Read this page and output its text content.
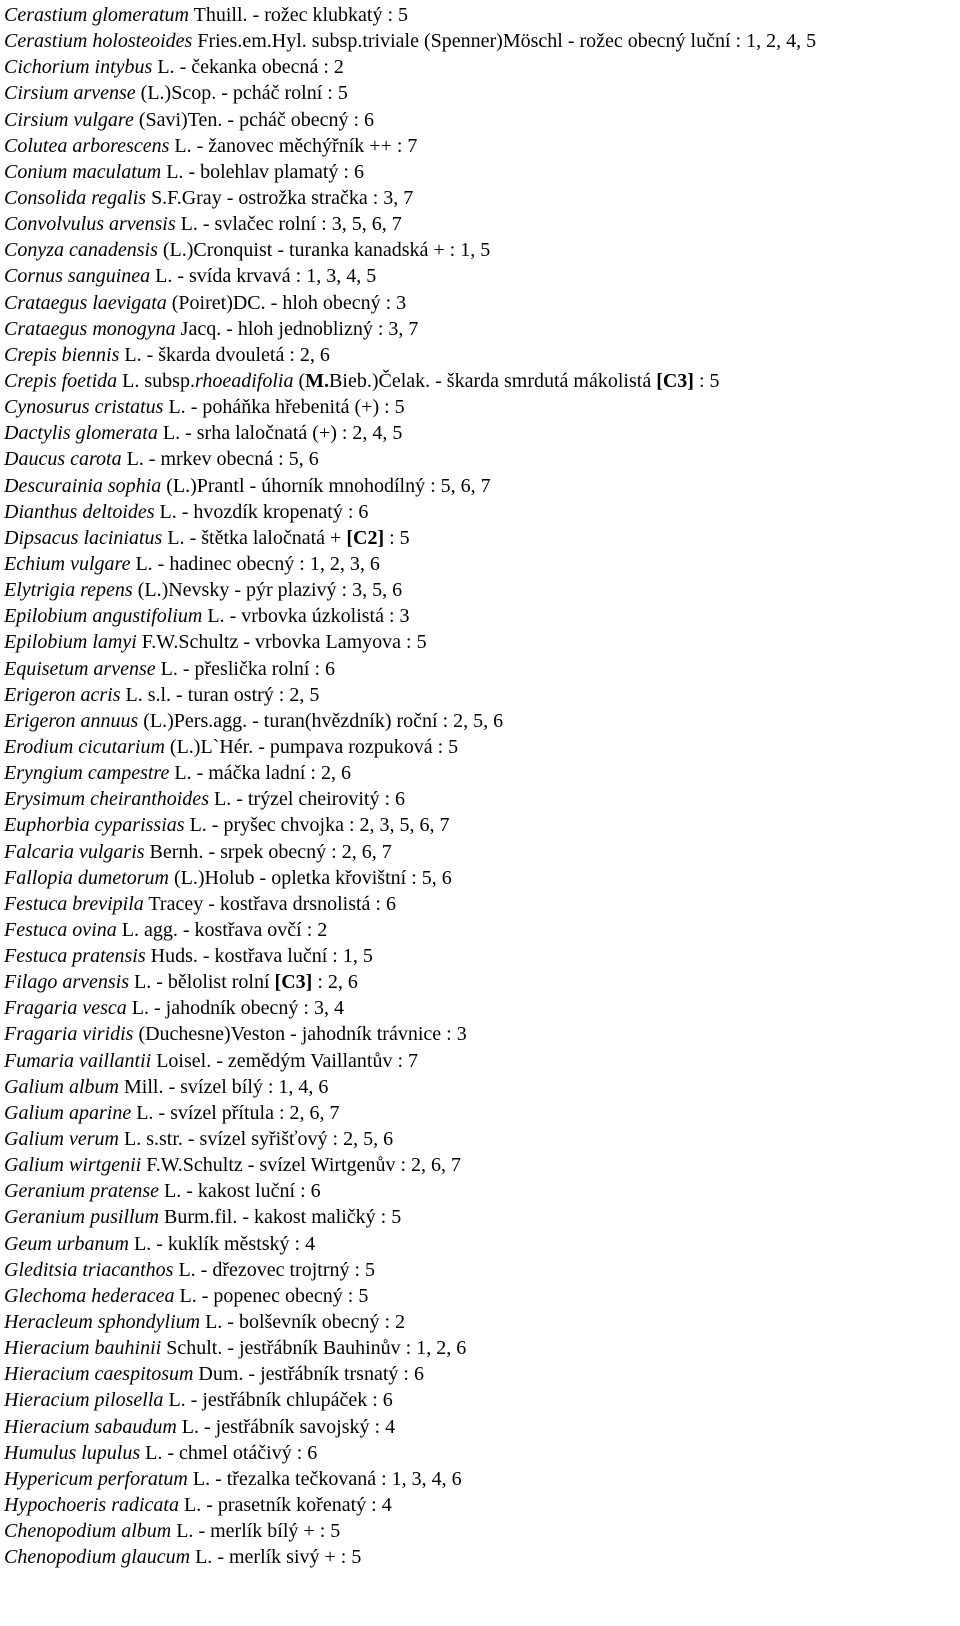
Cerastium glomeratum Thuill. - rožec klubkatý : 5
Cerastium holosteoides Fries.em.Hyl. subsp.triviale (Spenner)Möschl - rožec obecný luční : 1, 2, 4, 5
Cichorium intybus L. - čekanka obecná : 2
Cirsium arvense (L.)Scop. - pcháč rolní : 5
Cirsium vulgare (Savi)Ten. - pcháč obecný : 6
Colutea arborescens L. - žanovec měchýřník ++ : 7
Conium maculatum L. - bolehlav plamatý : 6
Consolida regalis S.F.Gray - ostrožka stračka : 3, 7
Convolvulus arvensis L. - svlačec rolní : 3, 5, 6, 7
Conyza canadensis (L.)Cronquist - turanka kanadská + : 1, 5
Cornus sanguinea L. - svída krvavá : 1, 3, 4, 5
Crataegus laevigata (Poiret)DC. - hloh obecný : 3
Crataegus monogyna Jacq. - hloh jednoblizný : 3, 7
Crepis biennis L. - škarda dvouletá : 2, 6
Crepis foetida L. subsp.rhoeadifolia (M.Bieb.)Čelak. - škarda smrdutá mákolistá [C3] : 5
Cynosurus cristatus L. - poháňka hřebenitá (+) : 5
Dactylis glomerata L. - srha laločnatá (+) : 2, 4, 5
Daucus carota L. - mrkev obecná : 5, 6
Descurainia sophia (L.)Prantl - úhorník mnohodílný : 5, 6, 7
Dianthus deltoides L. - hvozdík kropenatý : 6
Dipsacus laciniatus L. - štětka laločnatá + [C2] : 5
Echium vulgare L. - hadinec obecný : 1, 2, 3, 6
Elytrigia repens (L.)Nevsky - pýr plazivý : 3, 5, 6
Epilobium angustifolium L. - vrbovka úzkolistá : 3
Epilobium lamyi F.W.Schultz - vrbovka Lamyova : 5
Equisetum arvense L. - přeslička rolní : 6
Erigeron acris L. s.l. - turan ostrý : 2, 5
Erigeron annuus (L.)Pers.agg. - turan(hvězdník) roční : 2, 5, 6
Erodium cicutarium (L.)L`Hér. - pumpava rozpuková : 5
Eryngium campestre L. - máčka ladní : 2, 6
Erysimum cheiranthoides L. - trýzel cheirovitý : 6
Euphorbia cyparissias L. - pryšec chvojka : 2, 3, 5, 6, 7
Falcaria vulgaris Bernh. - srpek obecný : 2, 6, 7
Fallopia dumetorum (L.)Holub - opletka křovištní : 5, 6
Festuca brevipila Tracey - kostřava drsnolistá : 6
Festuca ovina L. agg. - kostřava ovčí : 2
Festuca pratensis Huds. - kostřava luční : 1, 5
Filago arvensis L. - bělolist rolní [C3] : 2, 6
Fragaria vesca L. - jahodník obecný : 3, 4
Fragaria viridis (Duchesne)Veston - jahodník trávnice : 3
Fumaria vaillantii Loisel. - zemědým Vaillantův : 7
Galium album Mill. - svízel bílý : 1, 4, 6
Galium aparine L. - svízel přítula : 2, 6, 7
Galium verum L. s.str. - svízel syřišťový : 2, 5, 6
Galium wirtgenii F.W.Schultz - svízel Wirtgenův : 2, 6, 7
Geranium pratense L. - kakost luční : 6
Geranium pusillum Burm.fil. - kakost maličký : 5
Geum urbanum L. - kuklík městský : 4
Gleditsia triacanthos L. - dřezovec trojtrný : 5
Glechoma hederacea L. - popenec obecný : 5
Heracleum sphondylium L. - bolševník obecný : 2
Hieracium bauhinii Schult. - jestřábník Bauhinův : 1, 2, 6
Hieracium caespitosum Dum. - jestřábník trsnatý : 6
Hieracium pilosella L. - jestřábník chlupáček : 6
Hieracium sabaudum L. - jestřábník savojský : 4
Humulus lupulus L. - chmel otáčivý : 6
Hypericum perforatum L. - třezalka tečkovaná : 1, 3, 4, 6
Hypochoeris radicata L. - prasetník kořenatý : 4
Chenopodium album L. - merlík bílý + : 5
Chenopodium glaucum L. - merlík sivý + : 5
